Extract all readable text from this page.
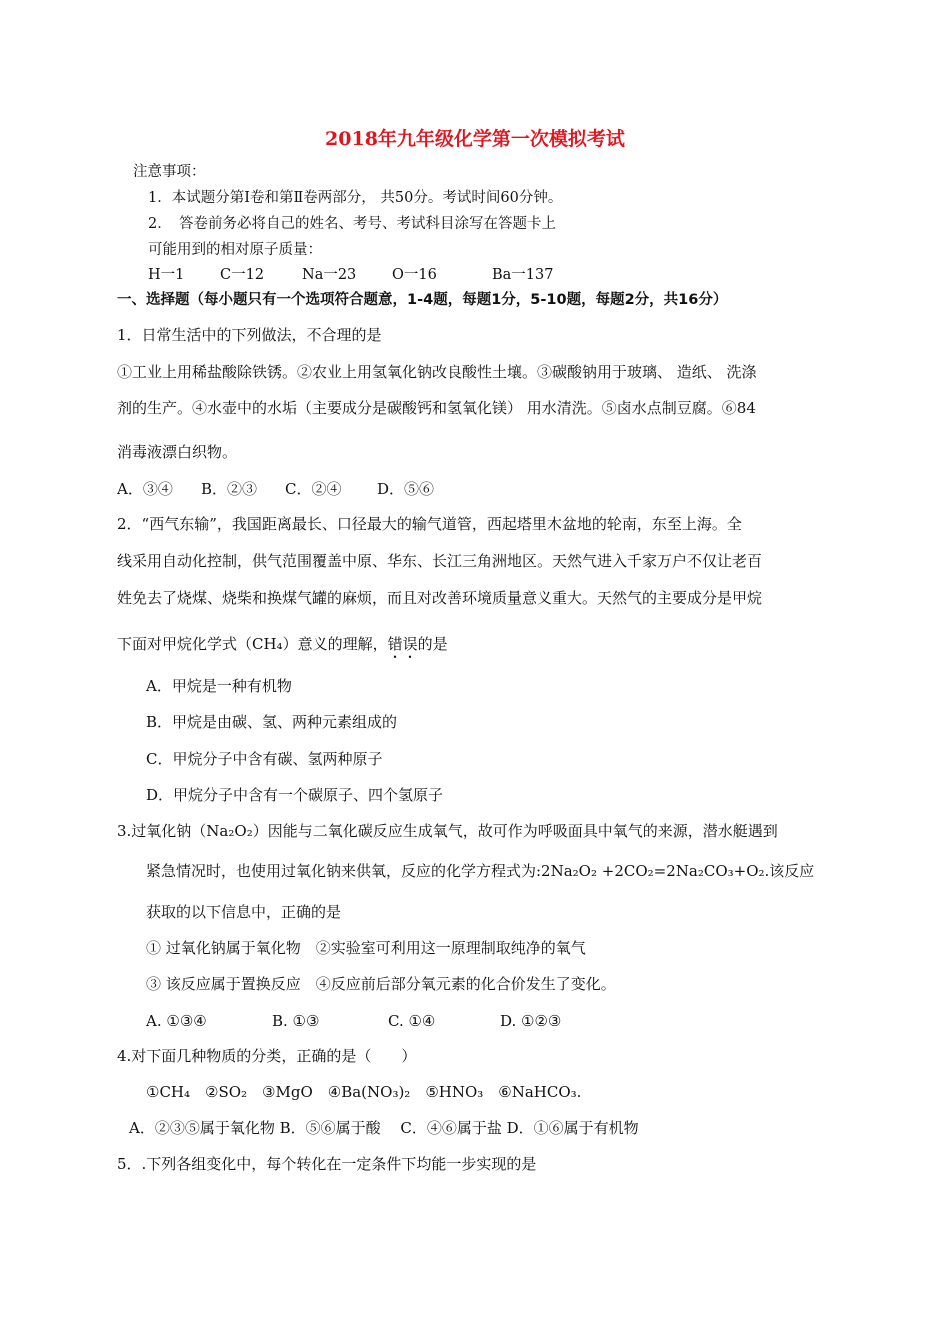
2018年九年级化学第一次模拟考试
注意事项：
1．本试题分第Ⅰ卷和第Ⅱ卷两部分， 共50分。考试时间60分钟。
2．　答卷前务必将自己的姓名、考号、考试科目涂写在答题卡上
可能用到的相对原子质量：
H一1 C一12	Na一23 O一16	Ba一137
一、选择题（每小题只有一个选项符合题意，1-4题，每题1分，5-10题，每题2分，共16分）
1．日常生活中的下列做法，不合理的是
①工业上用稀盐酸除铁锈。②农业上用氢氧化钠改良酸性土壤。③碳酸钠用于玻璃、 造纸、 洗涤
剂的生产。④水壶中的水垢（主要成分是碳酸钙和氢氧化镁） 用水清洗。⑤卤水点制豆腐。⑥84
消毒液漂白织物。
A．③④ B．②③ C．②④ D．⑤⑥
2．“西气东输”，我国距离最长、口径最大的输气道管，西起塔里木盆地的轮南，东至上海。全
线采用自动化控制，供气范围覆盖中原、华东、长江三角洲地区。天然气进入千家万户不仅让老百
姓免去了烧煤、烧柴和换煤气罐的麻烦，而且对改善环境质量意义重大。天然气的主要成分是甲烷
下面对甲烷化学式（CH₄）意义的理解，错误的是
A．甲烷是一种有机物
B．甲烷是由碳、氢、两种元素组成的
C．甲烷分子中含有碳、氢两种原子
D．甲烷分子中含有一个碳原子、四个氢原子
3.过氧化钠（Na₂O₂）因能与二氧化碳反应生成氧气，故可作为呼吸面具中氧气的来源，潜水艇遇到
紧急情况时，也使用过氧化钠来供氧，反应的化学方程式为:2Na₂O₂ +2CO₂=2Na₂CO₃+O₂.该反应
获取的以下信息中，正确的是
① 过氧化钠属于氧化物　②实验室可利用这一原理制取纯净的氧气
③ 该反应属于置换反应　④反应前后部分氧元素的化合价发生了变化。
A. ①③④	B. ①③	C. ①④	D. ①②③
4.对下面几种物质的分类，正确的是（　　）
①CH₄　②SO₂　③MgO　④Ba(NO₃)₂　⑤HNO₃　⑥NaHCO₃.
A．②③⑤属于氧化物 B．⑤⑥属于酸　 C．④⑥属于盐 D．①⑥属于有机物
5．.下列各组变化中，每个转化在一定条件下均能一步实现的是
